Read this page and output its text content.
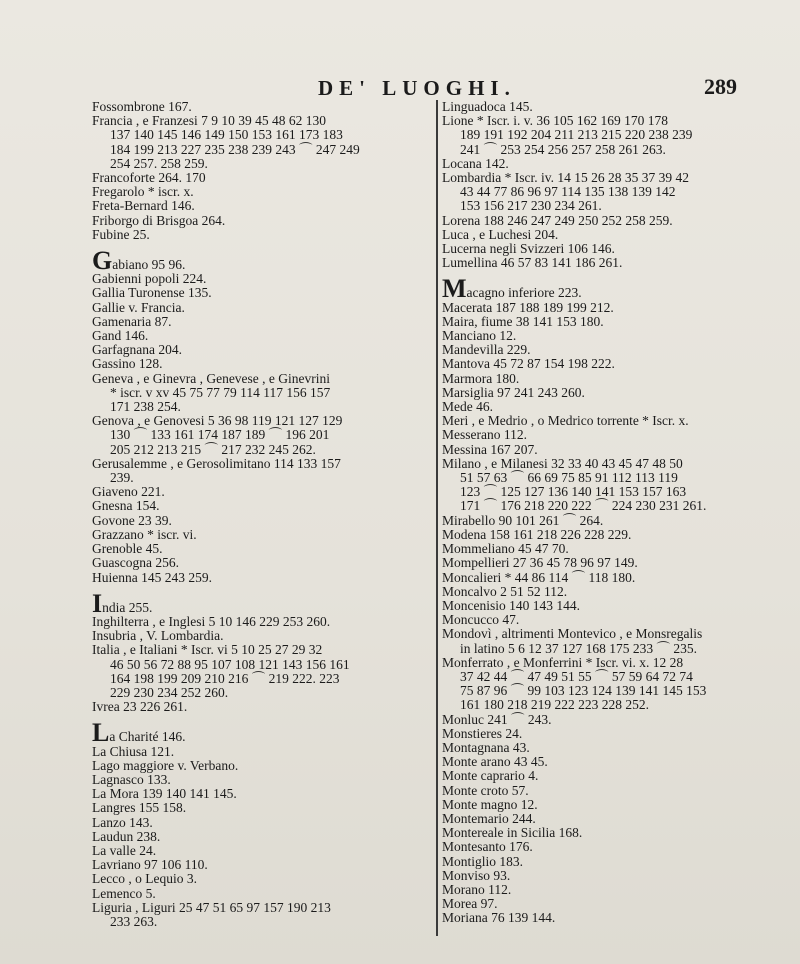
DE' LUOGHI.	289
Fossombrone 167.
Francia , e Franzesi 7 9 10 39 45 48 62 130
137 140 145 146 149 150 153 161 173 183
184 199 213 227 235 238 239 243 ⌒ 247 249
254 257. 258 259.
Francoforte 264. 170
Fregarolo * iscr. x.
Freta-Bernard 146.
Friborgo di Brisgoa 264.
Fubine 25.
Gabiano 95 96.
Gabienni popoli 224.
Gallia Turonense 135.
Gallie v. Francia.
Gamenaria 87.
Gand 146.
Garfagnana 204.
Gassino 128.
Geneva , e Ginevra , Genevese , e Ginevrini
* iscr. v xv 45 75 77 79 114 117 156 157
171 238 254.
Genova , e Genovesi 5 36 98 119 121 127 129
130 ⌒ 133 161 174 187 189 ⌒ 196 201
205 212 213 215 ⌒ 217 232 245 262.
Gerusalemme , e Gerosolimitano 114 133 157
239.
Giaveno 221.
Gnesna 154.
Govone 23 39.
Grazzano * iscr. vi.
Grenoble 45.
Guascogna 256.
Huienna 145 243 259.
India 255.
Inghilterra , e Inglesi 5 10 146 229 253 260.
Insubria , V. Lombardia.
Italia , e Italiani * Iscr. vi 5 10 25 27 29 32
46 50 56 72 88 95 107 108 121 143 156 161
164 198 199 209 210 216 ⌒ 219 222. 223
229 230 234 252 260.
Ivrea 23 226 261.
La Charité 146.
La Chiusa 121.
Lago maggiore v. Verbano.
Lagnasco 133.
La Mora 139 140 141 145.
Langres 155 158.
Lanzo 143.
Laudun 238.
La valle 24.
Lavriano 97 106 110.
Lecco , o Lequio 3.
Lemenco 5.
Liguria , Liguri 25 47 51 65 97 157 190 213
233 263.
Linguadoca 145.
Lione * Iscr. i. v. 36 105 162 169 170 178
189 191 192 204 211 213 215 220 238 239
241 ⌒ 253 254 256 257 258 261 263.
Locana 142.
Lombardia * Iscr. iv. 14 15 26 28 35 37 39 42
43 44 77 86 96 97 114 135 138 139 142
153 156 217 230 234 261.
Lorena 188 246 247 249 250 252 258 259.
Luca , e Luchesi 204.
Lucerna negli Svizzeri 106 146.
Lumellina 46 57 83 141 186 261.
Macagno inferiore 223.
Macerata 187 188 189 199 212.
Maira, fiume 38 141 153 180.
Manciano 12.
Mandevilla 229.
Mantova 45 72 87 154 198 222.
Marmora 180.
Marsiglia 97 241 243 260.
Mede 46.
Meri , e Medrio , o Medrico torrente * Iscr. x.
Messerano 112.
Messina 167 207.
Milano , e Milanesi 32 33 40 43 45 47 48 50
51 57 63 ⌒ 66 69 75 85 91 112 113 119
123 ⌒ 125 127 136 140 141 153 157 163
171 ⌒ 176 218 220 222 ⌒ 224 230 231 261.
Mirabello 90 101 261 ⌒ 264.
Modena 158 161 218 226 228 229.
Mommeliano 45 47 70.
Mompellieri 27 36 45 78 96 97 149.
Moncalieri * 44 86 114 ⌒ 118 180.
Moncalvo 2 51 52 112.
Moncenisio 140 143 144.
Moncucco 47.
Mondovì , altrimenti Montevico , e Monsregalis
in latino 5 6 12 37 127 168 175 233 ⌒ 235.
Monferrato , e Monferrini * Iscr. vi. x. 12 28
37 42 44 ⌒ 47 49 51 55 ⌒ 57 59 64 72 74
75 87 96 ⌒ 99 103 123 124 139 141 145 153
161 180 218 219 222 223 228 252.
Monluc 241 ⌒ 243.
Monstieres 24.
Montagnana 43.
Monte arano 43 45.
Monte caprario 4.
Monte croto 57.
Monte magno 12.
Montemario 244.
Montereale in Sicilia 168.
Montesanto 176.
Montiglio 183.
Monviso 93.
Morano 112.
Morea 97.
Moriana 76 139 144.
